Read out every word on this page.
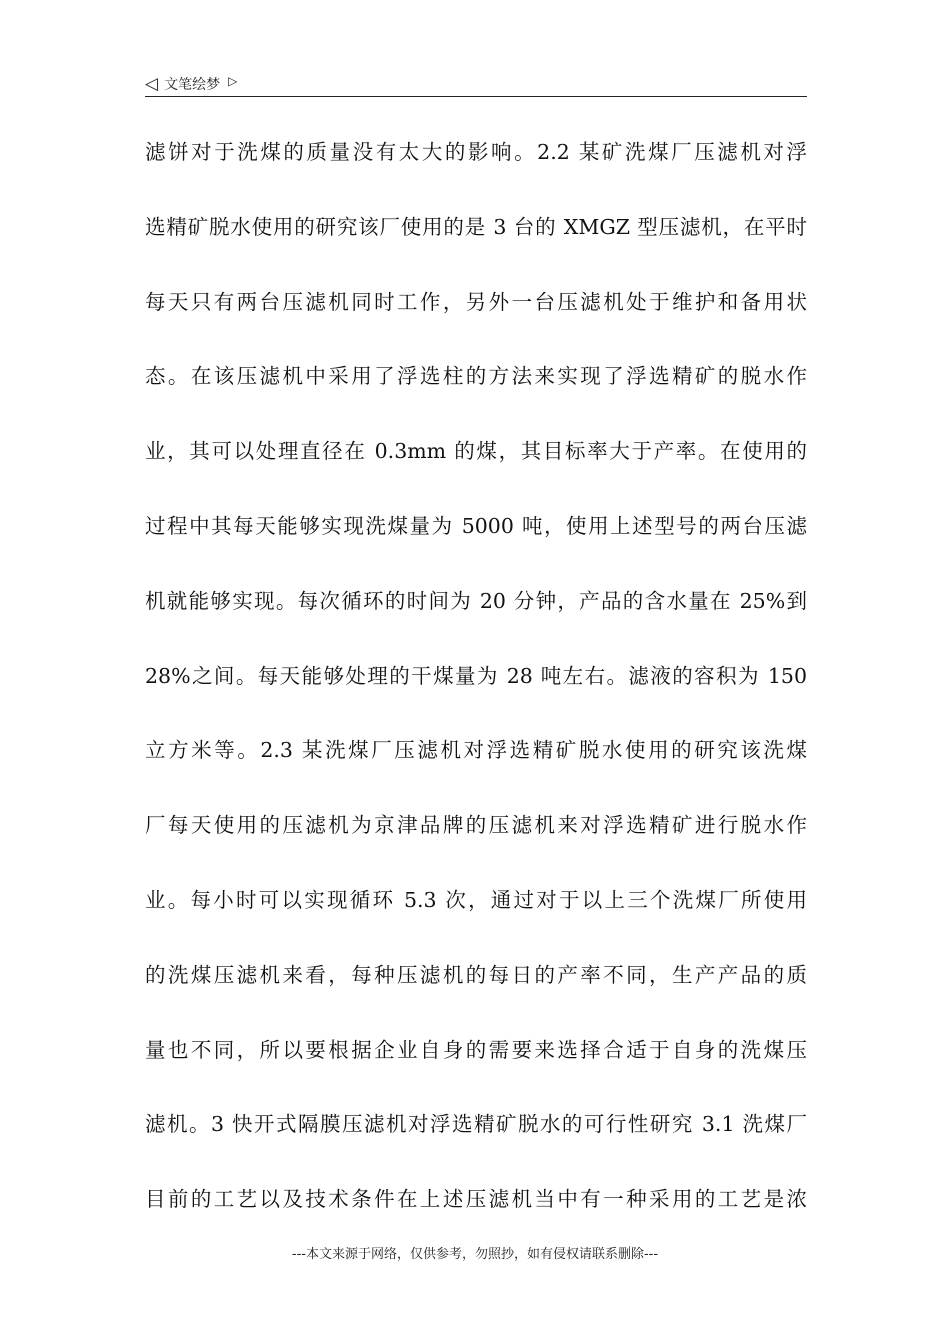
◁ 文笔绘梦 ▷
滤饼对于洗煤的质量没有太大的影响。2.2 某矿洗煤厂压滤机对浮
选精矿脱水使用的研究该厂使用的是 3 台的 XMGZ 型压滤机，在平时
每天只有两台压滤机同时工作，另外一台压滤机处于维护和备用状
态。在该压滤机中采用了浮选柱的方法来实现了浮选精矿的脱水作
业，其可以处理直径在 0.3mm 的煤，其目标率大于产率。在使用的
过程中其每天能够实现洗煤量为 5000 吨，使用上述型号的两台压滤
机就能够实现。每次循环的时间为 20 分钟，产品的含水量在 25%到
28%之间。每天能够处理的干煤量为 28 吨左右。滤液的容积为 150
立方米等。2.3 某洗煤厂压滤机对浮选精矿脱水使用的研究该洗煤
厂每天使用的压滤机为京津品牌的压滤机来对浮选精矿进行脱水作
业。每小时可以实现循环 5.3 次，通过对于以上三个洗煤厂所使用
的洗煤压滤机来看，每种压滤机的每日的产率不同，生产产品的质
量也不同，所以要根据企业自身的需要来选择合适于自身的洗煤压
滤机。3 快开式隔膜压滤机对浮选精矿脱水的可行性研究 3.1 洗煤厂
目前的工艺以及技术条件在上述压滤机当中有一种采用的工艺是浓
---本文来源于网络，仅供参考，勿照抄，如有侵权请联系删除---
